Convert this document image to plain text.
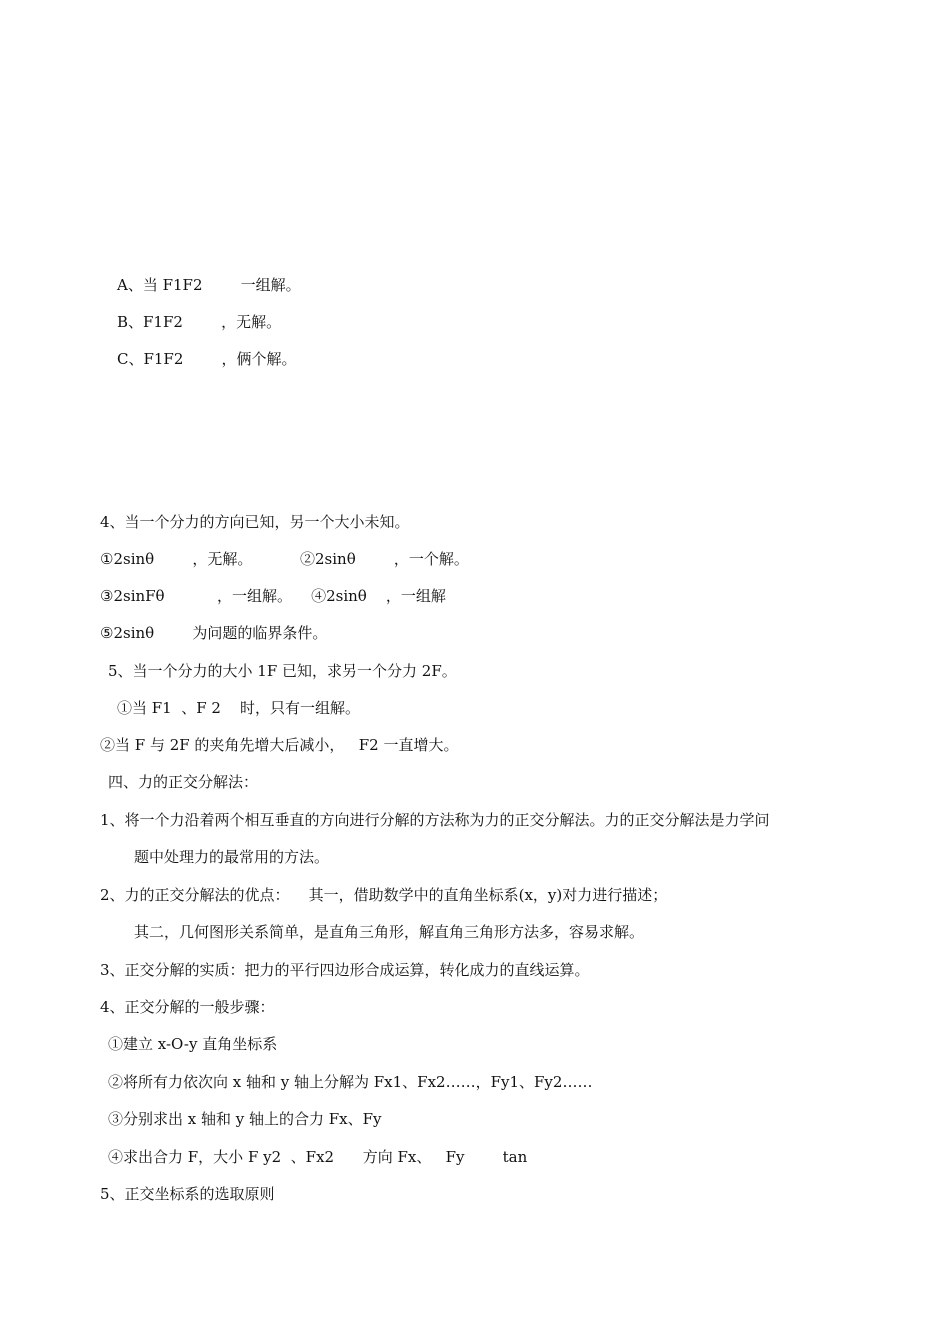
A、当 F1F2        一组解。
B、F1F2        ，无解。
C、F1F2        ，俩个解。
4、当一个分力的方向已知，另一个大小未知。
①2sinθ        ，无解。          ②2sinθ        ，一个解。
③2sinFθ           ，一组解。    ④2sinθ    ，一组解
⑤2sinθ        为问题的临界条件。
5、当一个分力的大小 1F 已知，求另一个分力 2F。
①当 F1  、F 2    时，只有一组解。
②当 F 与 2F 的夹角先增大后减小，   F2 一直增大。
四、力的正交分解法：
1、将一个力沿着两个相互垂直的方向进行分解的方法称为力的正交分解法。力的正交分解法是力学问
题中处理力的最常用的方法。
2、力的正交分解法的优点：    其一，借助数学中的直角坐标系(x，y)对力进行描述；
其二，几何图形关系简单，是直角三角形，解直角三角形方法多，容易求解。
3、正交分解的实质：把力的平行四边形合成运算，转化成力的直线运算。
4、正交分解的一般步骤：
①建立 x-O-y 直角坐标系
②将所有力依次向 x 轴和 y 轴上分解为 Fx1、Fx2……，Fy1、Fy2……
③分别求出 x 轴和 y 轴上的合力 Fx、Fy
④求出合力 F，大小 F y2  、Fx2      方向 Fx、   Fy        tan
5、正交坐标系的选取原则
